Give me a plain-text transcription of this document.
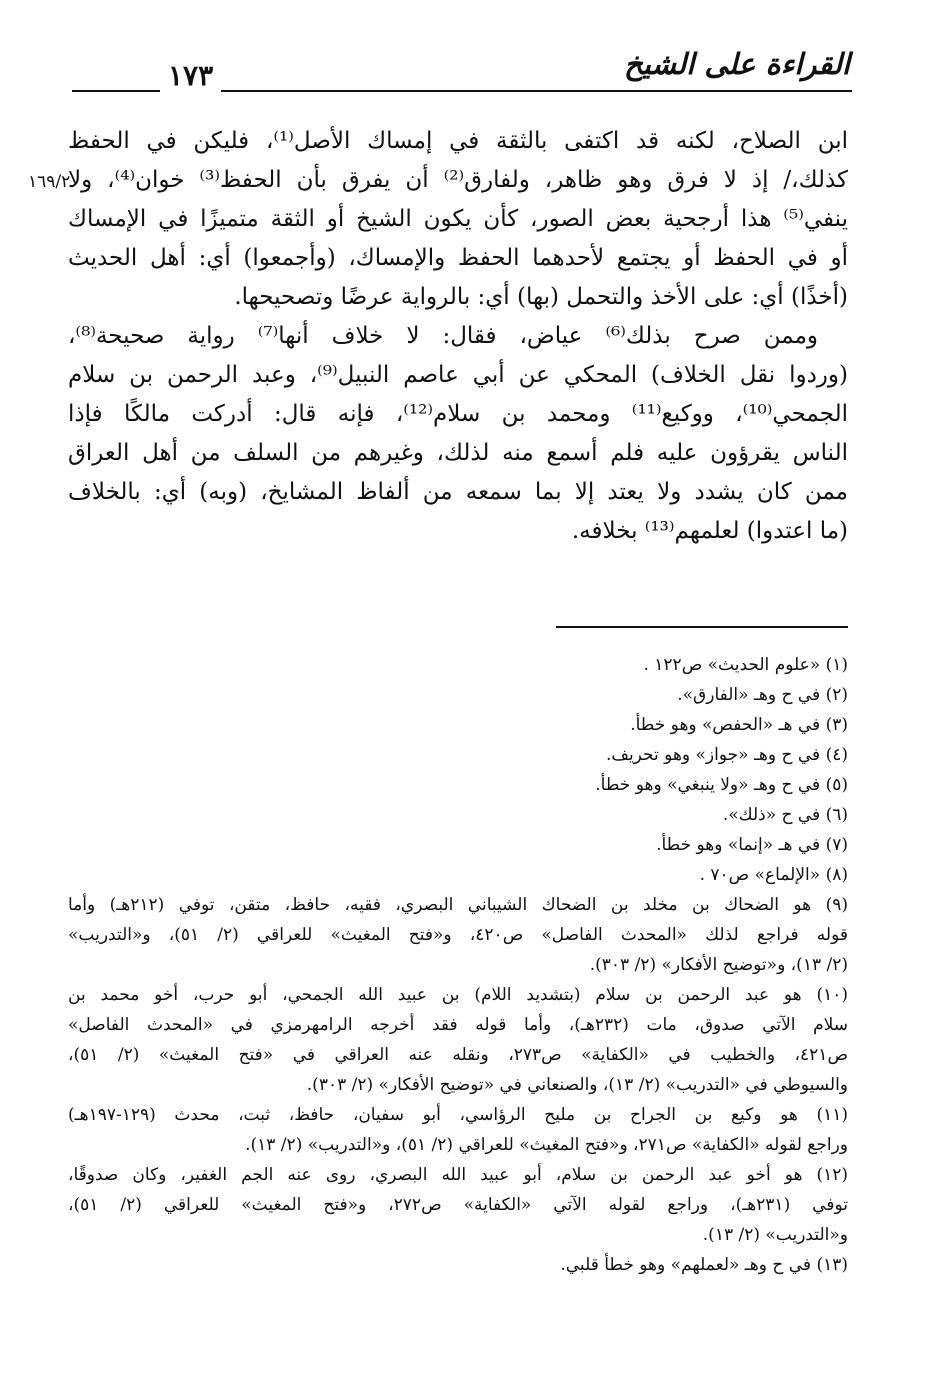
القراءة على الشيخ
١٧٣
١٦٩/٢
ابن الصلاح، لكنه قد اكتفى بالثقة في إمساك الأصل⁽¹⁾، فليكن في الحفظ
كذلك،/ إذ لا فرق وهو ظاهر، ولفارق⁽²⁾ أن يفرق بأن الحفظ⁽³⁾ خوان⁽⁴⁾، ولا
ينفي⁽⁵⁾ هذا أرجحية بعض الصور، كأن يكون الشيخ أو الثقة متميزًا في الإمساك
أو في الحفظ أو يجتمع لأحدهما الحفظ والإمساك، (وأجمعوا) أي: أهل الحديث
(أخذًا) أي: على الأخذ والتحمل (بها) أي: بالرواية عرضًا وتصحيحها.
وممن صرح بذلك⁽⁶⁾ عياض، فقال: لا خلاف أنها⁽⁷⁾ رواية صحيحة⁽⁸⁾،
(وردوا نقل الخلاف) المحكي عن أبي عاصم النبيل⁽⁹⁾، وعبد الرحمن بن سلام
الجمحي⁽¹⁰⁾، ووكيع⁽¹¹⁾ ومحمد بن سلام⁽¹²⁾، فإنه قال: أدركت مالكًا فإذا
الناس يقرؤون عليه فلم أسمع منه لذلك، وغيرهم من السلف من أهل العراق
ممن كان يشدد ولا يعتد إلا بما سمعه من ألفاظ المشايخ، (وبه) أي: بالخلاف
(ما اعتدوا) لعلمهم⁽¹³⁾ بخلافه.
(١) «علوم الحديث» ص١٢٢ .
(٢) في ح وهـ «الفارق».
(٣) في هـ «الحفص» وهو خطأ.
(٤) في ح وهـ «جواز» وهو تحريف.
(٥) في ح وهـ «ولا ينبغي» وهو خطأ.
(٦) في ح «ذلك».
(٧) في هـ «إنما» وهو خطأ.
(٨) «الإلماع» ص٧٠ .
(٩) هو الضحاك بن مخلد بن الضحاك الشيباني البصري، فقيه، حافظ، متقن، توفي (٢١٢هـ) وأما
قوله فراجع لذلك «المحدث الفاصل» ص٤٢٠، و«فتح المغيث» للعراقي (٢/ ٥١)، و«التدريب»
(٢/ ١٣)، و«توضيح الأفكار» (٢/ ٣٠٣).
(١٠) هو عبد الرحمن بن سلام (بتشديد اللام) بن عبيد الله الجمحي، أبو حرب، أخو محمد بن
سلام الآتي صدوق، مات (٢٣٢هـ)، وأما قوله فقد أخرجه الرامهرمزي في «المحدث الفاصل»
ص٤٢١، والخطيب في «الكفاية» ص٢٧٣، ونقله عنه العراقي في «فتح المغيث» (٢/ ٥١)،
والسيوطي في «التدريب» (٢/ ١٣)، والصنعاني في «توضيح الأفكار» (٢/ ٣٠٣).
(١١) هو وكيع بن الجراح بن مليح الرؤاسي، أبو سفيان، حافظ، ثبت، محدث (١٢٩-١٩٧هـ)
وراجع لقوله «الكفاية» ص٢٧١، و«فتح المغيث» للعراقي (٢/ ٥١)، و«التدريب» (٢/ ١٣).
(١٢) هو أخو عبد الرحمن بن سلام، أبو عبيد الله البصري، روى عنه الجم الغفير، وكان صدوقًا،
توفي (٢٣١هـ)، وراجع لقوله الآتي «الكفاية» ص٢٧٢، و«فتح المغيث» للعراقي (٢/ ٥١)،
و«التدريب» (٢/ ١٣).
(١٣) في ح وهـ «لعملهم» وهو خطأ قلبي.
